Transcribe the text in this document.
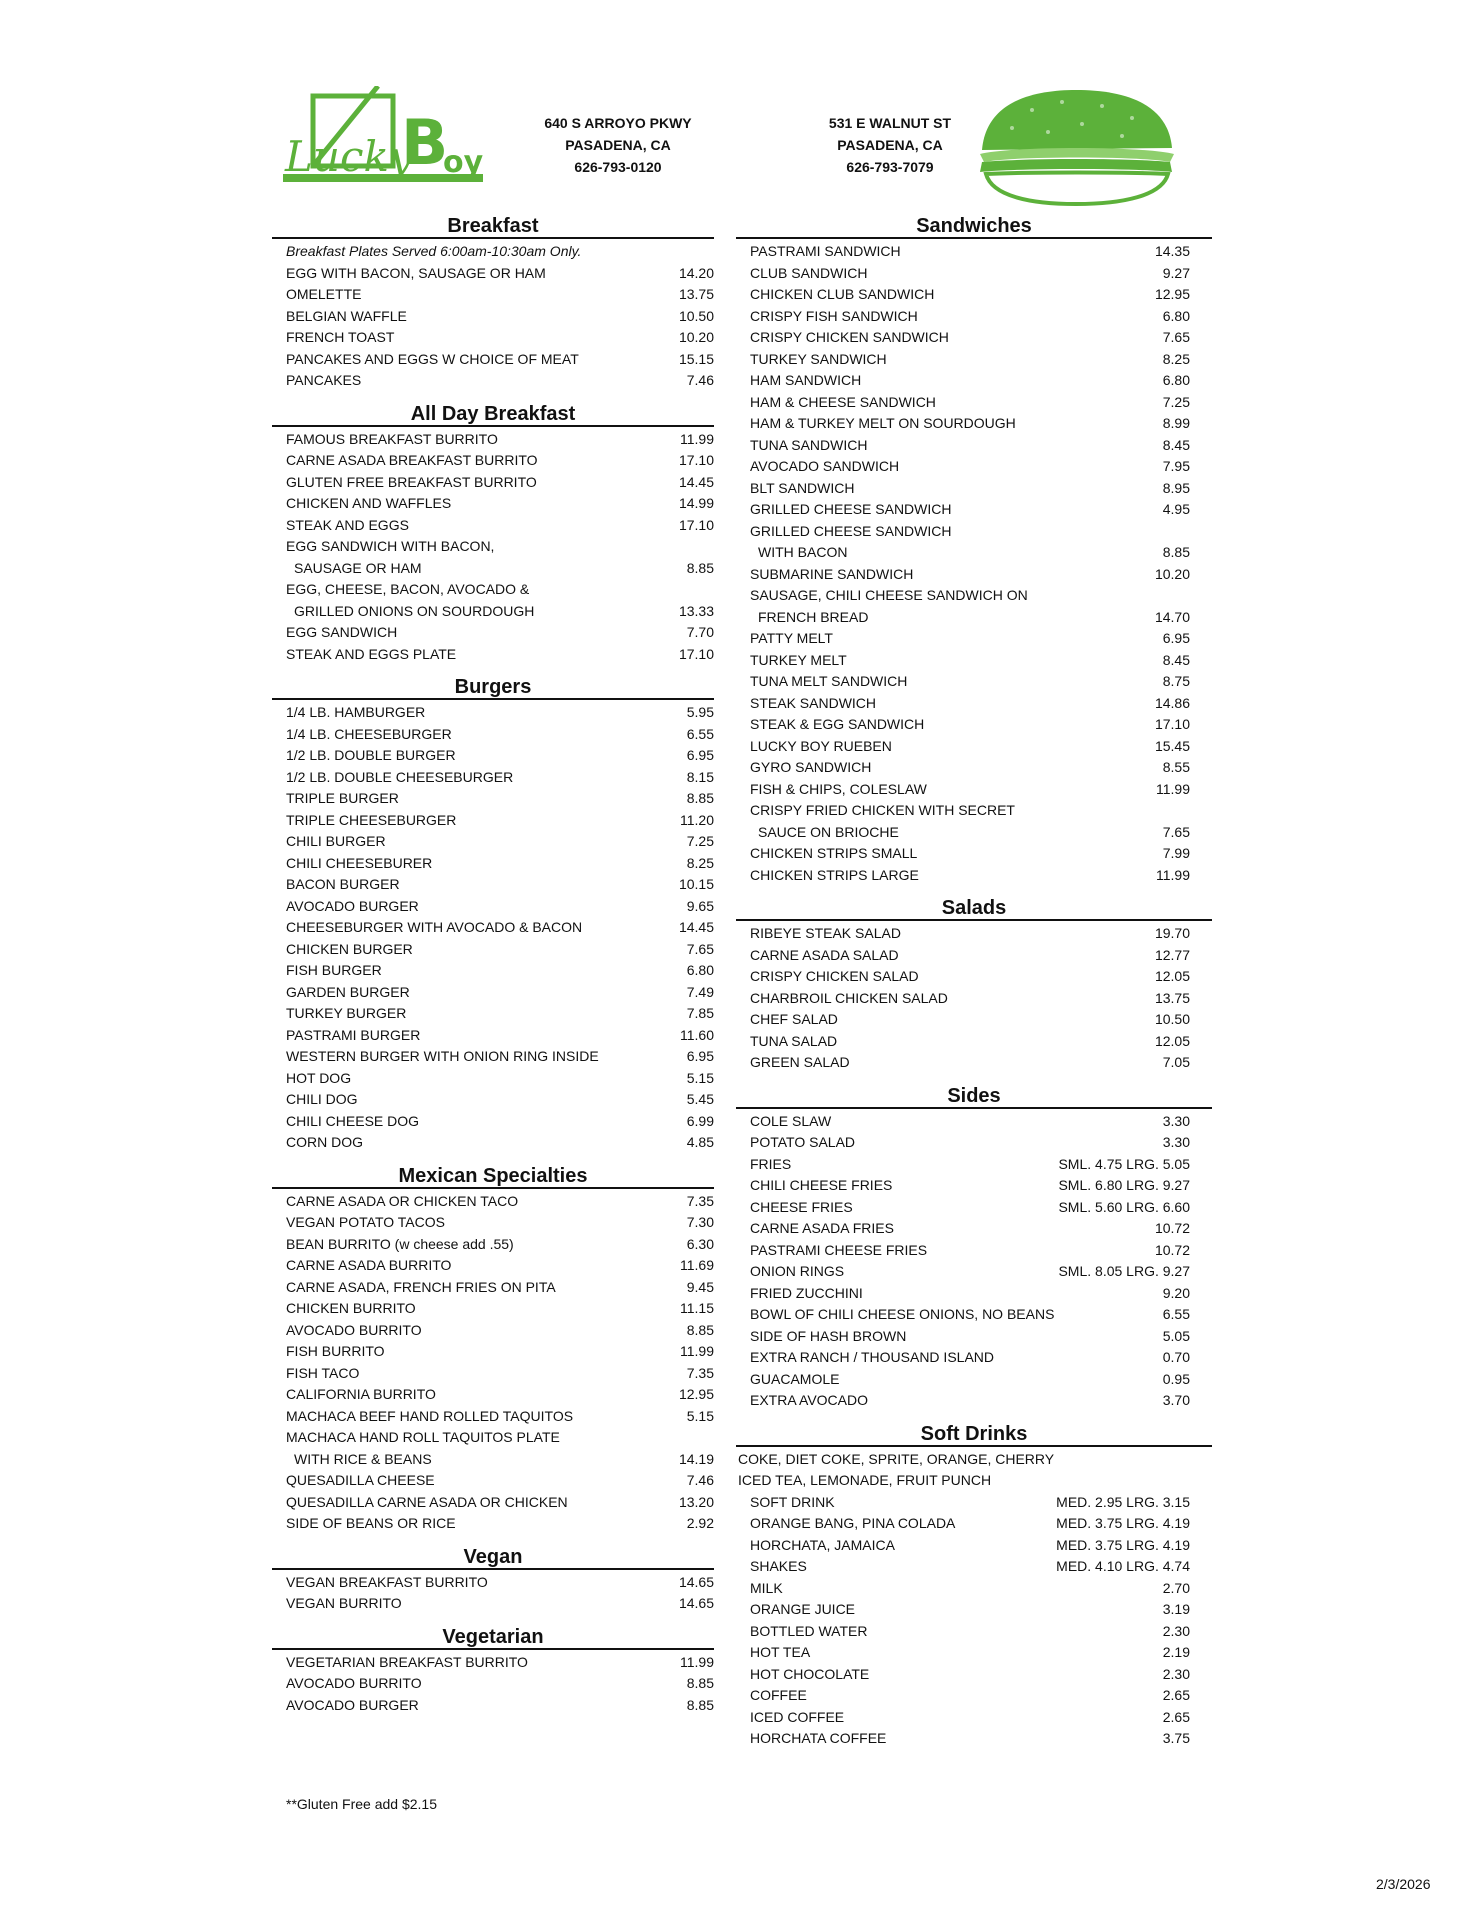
Lucky
B
oy
640 S ARROYO PKWY
PASADENA, CA
626-793-0120
531 E WALNUT ST
PASADENA, CA
626-793-7079
Breakfast
Breakfast Plates Served 6:00am-10:30am Only.
EGG WITH BACON, SAUSAGE OR HAM	14.20
OMELETTE	13.75
BELGIAN WAFFLE	10.50
FRENCH TOAST	10.20
PANCAKES AND EGGS W CHOICE OF MEAT	15.15
PANCAKES	7.46
All Day Breakfast
FAMOUS BREAKFAST BURRITO	11.99
CARNE ASADA BREAKFAST BURRITO	17.10
GLUTEN FREE BREAKFAST BURRITO	14.45
CHICKEN AND WAFFLES	14.99
STEAK AND EGGS	17.10
EGG SANDWICH WITH BACON,
SAUSAGE OR HAM	8.85
EGG, CHEESE, BACON, AVOCADO &
GRILLED ONIONS ON SOURDOUGH	13.33
EGG SANDWICH	7.70
STEAK AND EGGS PLATE	17.10
Burgers
1/4 LB. HAMBURGER	5.95
1/4 LB. CHEESEBURGER	6.55
1/2 LB. DOUBLE BURGER	6.95
1/2 LB. DOUBLE CHEESEBURGER	8.15
TRIPLE BURGER	8.85
TRIPLE CHEESEBURGER	11.20
CHILI BURGER	7.25
CHILI CHEESEBURER	8.25
BACON BURGER	10.15
AVOCADO BURGER	9.65
CHEESEBURGER WITH AVOCADO & BACON	14.45
CHICKEN BURGER	7.65
FISH BURGER	6.80
GARDEN BURGER	7.49
TURKEY BURGER	7.85
PASTRAMI BURGER	11.60
WESTERN BURGER WITH ONION RING INSIDE	6.95
HOT DOG	5.15
CHILI DOG	5.45
CHILI CHEESE DOG	6.99
CORN DOG	4.85
Mexican Specialties
CARNE ASADA OR CHICKEN TACO	7.35
VEGAN POTATO TACOS	7.30
BEAN BURRITO (w cheese add .55)	6.30
CARNE ASADA BURRITO	11.69
CARNE ASADA, FRENCH FRIES ON PITA	9.45
CHICKEN BURRITO	11.15
AVOCADO BURRITO	8.85
FISH BURRITO	11.99
FISH TACO	7.35
CALIFORNIA BURRITO	12.95
MACHACA BEEF HAND ROLLED TAQUITOS	5.15
MACHACA HAND ROLL TAQUITOS PLATE
WITH RICE & BEANS	14.19
QUESADILLA CHEESE	7.46
QUESADILLA CARNE ASADA OR CHICKEN	13.20
SIDE OF BEANS OR RICE	2.92
Vegan
VEGAN BREAKFAST BURRITO	14.65
VEGAN BURRITO	14.65
Vegetarian
VEGETARIAN BREAKFAST BURRITO	11.99
AVOCADO BURRITO	8.85
AVOCADO BURGER	8.85
Sandwiches
PASTRAMI SANDWICH	14.35
CLUB SANDWICH	9.27
CHICKEN CLUB SANDWICH	12.95
CRISPY FISH SANDWICH	6.80
CRISPY CHICKEN SANDWICH	7.65
TURKEY SANDWICH	8.25
HAM SANDWICH	6.80
HAM & CHEESE SANDWICH	7.25
HAM & TURKEY MELT ON SOURDOUGH	8.99
TUNA SANDWICH	8.45
AVOCADO SANDWICH	7.95
BLT SANDWICH	8.95
GRILLED CHEESE SANDWICH	4.95
GRILLED CHEESE SANDWICH
WITH BACON	8.85
SUBMARINE SANDWICH	10.20
SAUSAGE, CHILI CHEESE SANDWICH ON
FRENCH BREAD	14.70
PATTY MELT	6.95
TURKEY MELT	8.45
TUNA MELT SANDWICH	8.75
STEAK SANDWICH	14.86
STEAK & EGG SANDWICH	17.10
LUCKY BOY RUEBEN	15.45
GYRO SANDWICH	8.55
FISH & CHIPS, COLESLAW	11.99
CRISPY FRIED CHICKEN WITH SECRET
SAUCE ON BRIOCHE	7.65
CHICKEN STRIPS SMALL	7.99
CHICKEN STRIPS LARGE	11.99
Salads
RIBEYE STEAK SALAD	19.70
CARNE ASADA SALAD	12.77
CRISPY CHICKEN SALAD	12.05
CHARBROIL CHICKEN SALAD	13.75
CHEF SALAD	10.50
TUNA SALAD	12.05
GREEN SALAD	7.05
Sides
COLE SLAW	3.30
POTATO SALAD	3.30
FRIES	SML. 4.75 LRG. 5.05
CHILI CHEESE FRIES	SML. 6.80 LRG. 9.27
CHEESE FRIES	SML. 5.60 LRG. 6.60
CARNE ASADA FRIES	10.72
PASTRAMI CHEESE FRIES	10.72
ONION RINGS	SML. 8.05 LRG. 9.27
FRIED ZUCCHINI	9.20
BOWL OF CHILI CHEESE ONIONS, NO BEANS	6.55
SIDE OF HASH BROWN	5.05
EXTRA RANCH / THOUSAND ISLAND	0.70
GUACAMOLE	0.95
EXTRA AVOCADO	3.70
Soft Drinks
COKE, DIET COKE, SPRITE, ORANGE, CHERRY
ICED TEA, LEMONADE, FRUIT PUNCH
SOFT DRINK	MED. 2.95 LRG. 3.15
ORANGE BANG, PINA COLADA	MED. 3.75 LRG. 4.19
HORCHATA, JAMAICA	MED. 3.75 LRG. 4.19
SHAKES	MED. 4.10 LRG. 4.74
MILK	2.70
ORANGE JUICE	3.19
BOTTLED WATER	2.30
HOT TEA	2.19
HOT CHOCOLATE	2.30
COFFEE	2.65
ICED COFFEE	2.65
HORCHATA COFFEE	3.75
**Gluten Free add $2.15
2/3/2026
